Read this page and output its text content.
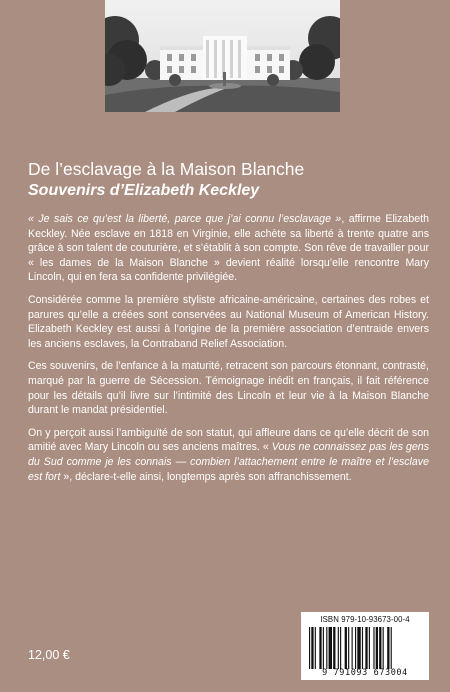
De l’esclavage à la Maison Blanche
Souvenirs d’Elizabeth Keckley

« Je sais ce qu’est la liberté, parce que j’ai connu l’esclavage », affirme Elizabeth Keckley. Née esclave en 1818 en Virginie, elle achète sa liberté à trente quatre ans grâce à son talent de couturière, et s’établit à son compte. Son rêve de travailler pour « les dames de la Maison Blanche » devient réalité lorsqu’elle rencontre Mary Lincoln, qui en fera sa confidente privilégiée.

Considérée comme la première styliste africaine-américaine, certaines des robes et parures qu’elle a créées sont conservées au National Museum of American History. Elizabeth Keckley est aussi à l’origine de la première association d’entraide envers les anciens esclaves, la Contraband Relief Association.

Ces souvenirs, de l’enfance à la maturité, retracent son parcours étonnant, contrasté, marqué par la guerre de Sécession. Témoignage inédit en français, il fait référence pour les détails qu’il livre sur l’intimité des Lincoln et leur vie à la Maison Blanche durant le mandat présidentiel.

On y perçoit aussi l’ambiguïté de son statut, qui affleure dans ce qu’elle décrit de son amitié avec Mary Lincoln ou ses anciens maîtres. « Vous ne connaissez pas les gens du Sud comme je les connais — combien l’attachement entre le maître et l’esclave est fort », déclare-t-elle ainsi, longtemps après son affranchissement.

12,00 €
ISBN 979-10-93673-00-4
9 791093 673004
